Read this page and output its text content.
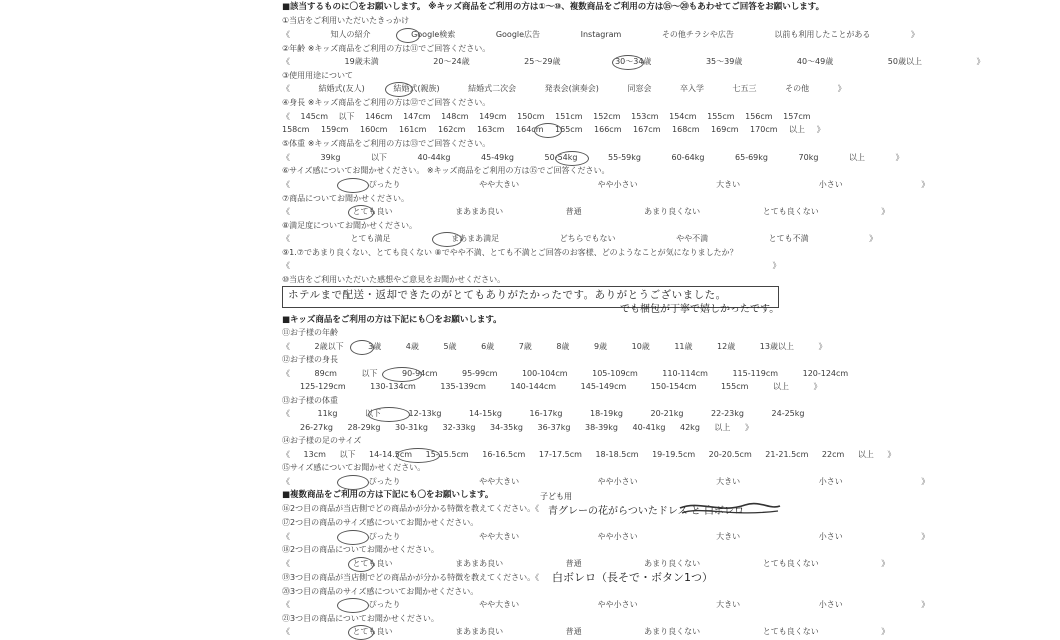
■該当するものに〇をお願いします。 ※キッズ商品をご利用の方は①〜⑩、複数商品をご利用の方は⑮〜⑳もあわせてご回答をお願いします。
①当店をご利用いただいたきっかけ
《 知人の紹介 Google検索 Google広告 Instagram その他チラシや広告 以前も利用したことがある 》
②年齢 ※キッズ商品をご利用の方は⑪でご回答ください。
《 19歳未満 20〜24歳 25〜29歳 30〜34歳 35〜39歳 40〜49歳 50歳以上 》
③使用用途について
《 結婚式(友人) 結婚式(親族) 結婚式二次会 発表会(演奏会) 同窓会 卒入学 七五三 その他 》
④身長 ※キッズ商品をご利用の方は⑫でご回答ください。
《 145cm 以下 146cm 147cm 148cm 149cm 150cm 151cm 152cm 153cm 154cm 155cm 156cm 157cm
158cm 159cm 160cm 161cm 162cm 163cm 164cm 165cm 166cm 167cm 168cm 169cm 170cm 以上 》
⑤体重 ※キッズ商品をご利用の方は⑬でご回答ください。
《 39kg 以下 40-44kg 45-49kg 50-54kg 55-59kg 60-64kg 65-69kg 70kg 以上 》
⑥サイズ感についてお聞かせください。 ※キッズ商品をご利用の方は⑮でご回答ください。
《 ぴったり やや大きい やや小さい 大きい 小さい 》
⑦商品についてお聞かせください。
《 とても良い まあまあ良い 普通 あまり良くない とても良くない 》
⑧満足度についてお聞かせください。
《 とても満足 まあまあ満足 どちらでもない やや不満 とても不満 》
⑨1.⑦であまり良くない、とても良くない ⑧でやや不満、とても不満とご回答のお客様、どのようなことが気になりましたか？
《 》
⑩当店をご利用いただいた感想やご意見をお聞かせください。
ホテルまで配送・返却できたのがとてもありがたかったです。ありがとうございました。
でも梱包が丁寧で嬉しかったです。
■キッズ商品をご利用の方は下記にも〇をお願いします。
⑪お子様の年齢
《 2歳以下 3歳 4歳 5歳 6歳 7歳 8歳 9歳 10歳 11歳 12歳 13歳以上 》
⑫お子様の身長
《 89cm 以下 90-94cm 95-99cm 100-104cm 105-109cm 110-114cm 115-119cm 120-124cm
125-129cm 130-134cm 135-139cm 140-144cm 145-149cm 150-154cm 155cm 以上 》
⑬お子様の体重
《 11kg 以下 12-13kg 14-15kg 16-17kg 18-19kg 20-21kg 22-23kg 24-25kg
26-27kg 28-29kg 30-31kg 32-33kg 34-35kg 36-37kg 38-39kg 40-41kg 42kg 以上 》
⑭お子様の足のサイズ
《 13cm 以下 14-14.5cm 15-15.5cm 16-16.5cm 17-17.5cm 18-18.5cm 19-19.5cm 20-20.5cm 21-21.5cm 22cm 以上 》
⑮サイズ感についてお聞かせください。
《 ぴったり やや大きい やや小さい 大きい 小さい 》
■複数商品をご利用の方は下記にも〇をお願いします。
⑯2つ目の商品が当店側でどの商品かが分かる特徴を教えてください。《
子ども用
青グレーの花がらついたドレス と 白ボレロ
⑰2つ目の商品のサイズ感についてお聞かせください。
《 ぴったり やや大きい やや小さい 大きい 小さい 》
⑱2つ目の商品についてお聞かせください。
《 とても良い まあまあ良い 普通 あまり良くない とても良くない 》
⑲3つ目の商品が当店側でどの商品かが分かる特徴を教えてください。《 白ボレロ（長そで・ボタン1つ）
⑳3つ目の商品のサイズ感についてお聞かせください。
《 ぴったり やや大きい やや小さい 大きい 小さい 》
㉑3つ目の商品についてお聞かせください。
《 とても良い まあまあ良い 普通 あまり良くない とても良くない 》
